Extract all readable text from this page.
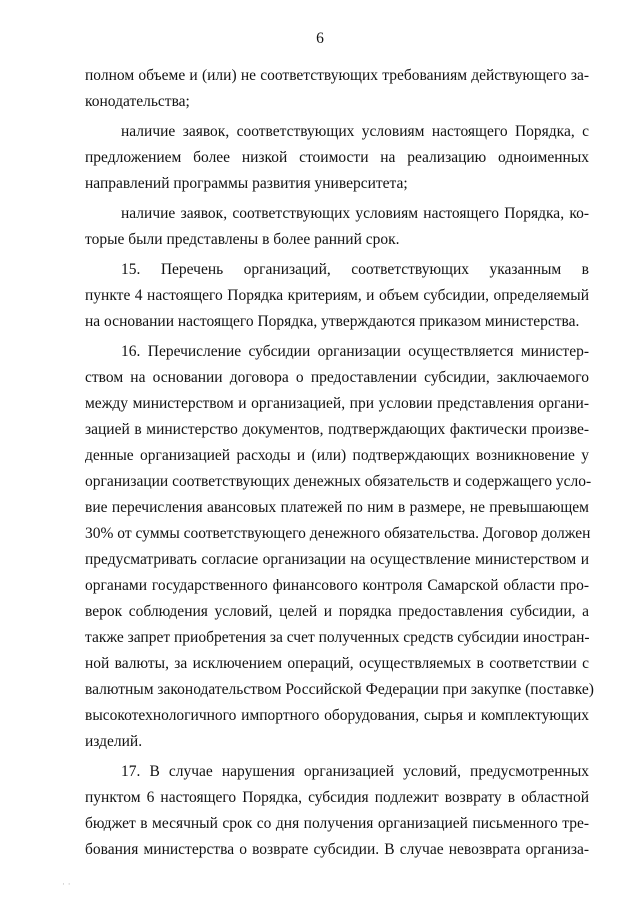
6
полном объеме и (или) не соответствующих требованиям действующего за-
конодательства;
наличие заявок, соответствующих условиям настоящего Порядка, с
предложением более низкой стоимости на реализацию одноименных
направлений программы развития университета;
наличие заявок, соответствующих условиям настоящего Порядка, ко-
торые были представлены в более ранний срок.
15. Перечень организаций, соответствующих указанным в
пункте 4 настоящего Порядка критериям, и объем субсидии, определяемый
на основании настоящего Порядка, утверждаются приказом министерства.
16. Перечисление субсидии организации осуществляется министер-
ством на основании договора о предоставлении субсидии, заключаемого
между министерством и организацией, при условии представления органи-
зацией в министерство документов, подтверждающих фактически произве-
денные организацией расходы и (или) подтверждающих возникновение у
организации соответствующих денежных обязательств и содержащего усло-
вие перечисления авансовых платежей по ним в размере, не превышающем
30% от суммы соответствующего денежного обязательства. Договор должен
предусматривать согласие организации на осуществление министерством и
органами государственного финансового контроля Самарской области про-
верок соблюдения условий, целей и порядка предоставления субсидии, а
также запрет приобретения за счет полученных средств субсидии иностран-
ной валюты, за исключением операций, осуществляемых в соответствии с
валютным законодательством Российской Федерации при закупке (поставке)
высокотехнологичного импортного оборудования, сырья и комплектующих
изделий.
17. В случае нарушения организацией условий, предусмотренных
пунктом 6 настоящего Порядка, субсидия подлежит возврату в областной
бюджет в месячный срок со дня получения организацией письменного тре-
бования министерства о возврате субсидии. В случае невозврата организа-
· ·
